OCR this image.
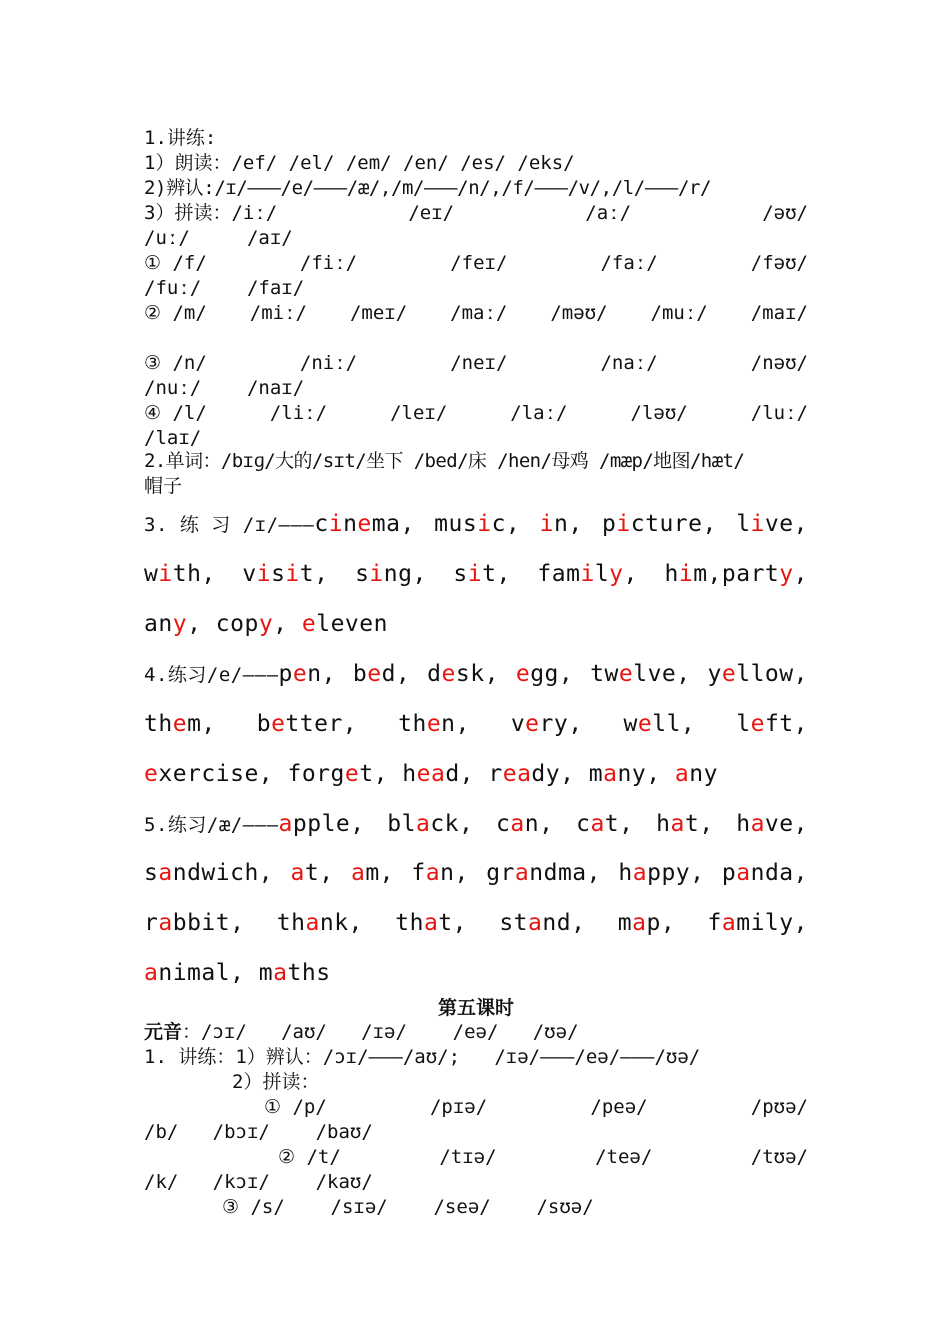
1.讲练:
1）朗读：/ef/ /el/ /em/ /en/ /es/ /eks/
2)辨认:/ɪ/———/e/———/æ/,/m/———/n/,/f/———/v/,/l/———/r/
3）拼读：/iː/	/eɪ/	/aː/	/əʊ/
/uː/     /aɪ/
① /f/	/fiː/	/feɪ/	/faː/	/fəʊ/
/fuː/    /faɪ/
② /m/ /miː/ /meɪ/ /maː/ /məʊ/ /muː/ /maɪ/
③ /n/	/niː/	/neɪ/	/naː/	/nəʊ/
/nuː/    /naɪ/
④ /l/	/liː/	/leɪ/	/laː/	/ləʊ/	/luː/
/laɪ/
2.单词：/bɪɡ/大的/sɪt/坐下 /bed/床 /hen/母鸡 /mæp/地图/hæt/
帽子
3. 练 习 /ɪ/———cinema, music, in, picture, live,
with, visit, sing, sit, family, him,party,
any, copy, eleven
4.练习/e/———pen, bed, desk, egg, twelve, yellow,
them, better, then, very, well, left,
exercise, forget, head, ready, many, any
5.练习/æ/———apple, black, can, cat, hat, have,
sandwich, at, am, fan, grandma, happy, panda,
rabbit, thank, that, stand, map, family,
animal, maths
第五课时
元音：/ɔɪ/   /aʊ/   /ɪə/    /eə/   /ʊə/
1. 讲练：1）辨认：/ɔɪ/———/aʊ/;   /ɪə/———/eə/———/ʊə/
2）拼读：
① /p/	/pɪə/	/peə/	/pʊə/
/b/   /bɔɪ/    /baʊ/
② /t/	/tɪə/	/teə/	/tʊə/
/k/   /kɔɪ/    /kaʊ/
③ /s/    /sɪə/    /seə/    /sʊə/
